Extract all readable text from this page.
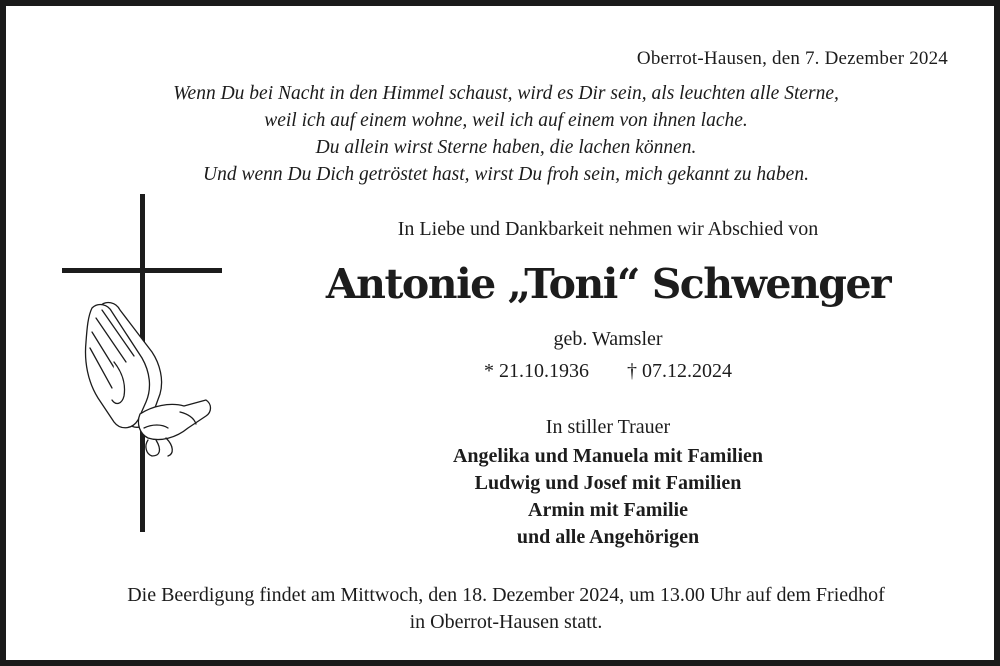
Oberrot-Hausen, den 7. Dezember 2024
Wenn Du bei Nacht in den Himmel schaust, wird es Dir sein, als leuchten alle Sterne,
weil ich auf einem wohne, weil ich auf einem von ihnen lache.
Du allein wirst Sterne haben, die lachen können.
Und wenn Du Dich getröstet hast, wirst Du froh sein, mich gekannt zu haben.
In Liebe und Dankbarkeit nehmen wir Abschied von
Antonie „Toni“ Schwenger
geb. Wamsler
* 21.10.1936 † 07.12.2024
In stiller Trauer
Angelika und Manuela mit Familien
Ludwig und Josef mit Familien
Armin mit Familie
und alle Angehörigen
Die Beerdigung findet am Mittwoch, den 18. Dezember 2024, um 13.00 Uhr auf dem Friedhof
in Oberrot-Hausen statt.
